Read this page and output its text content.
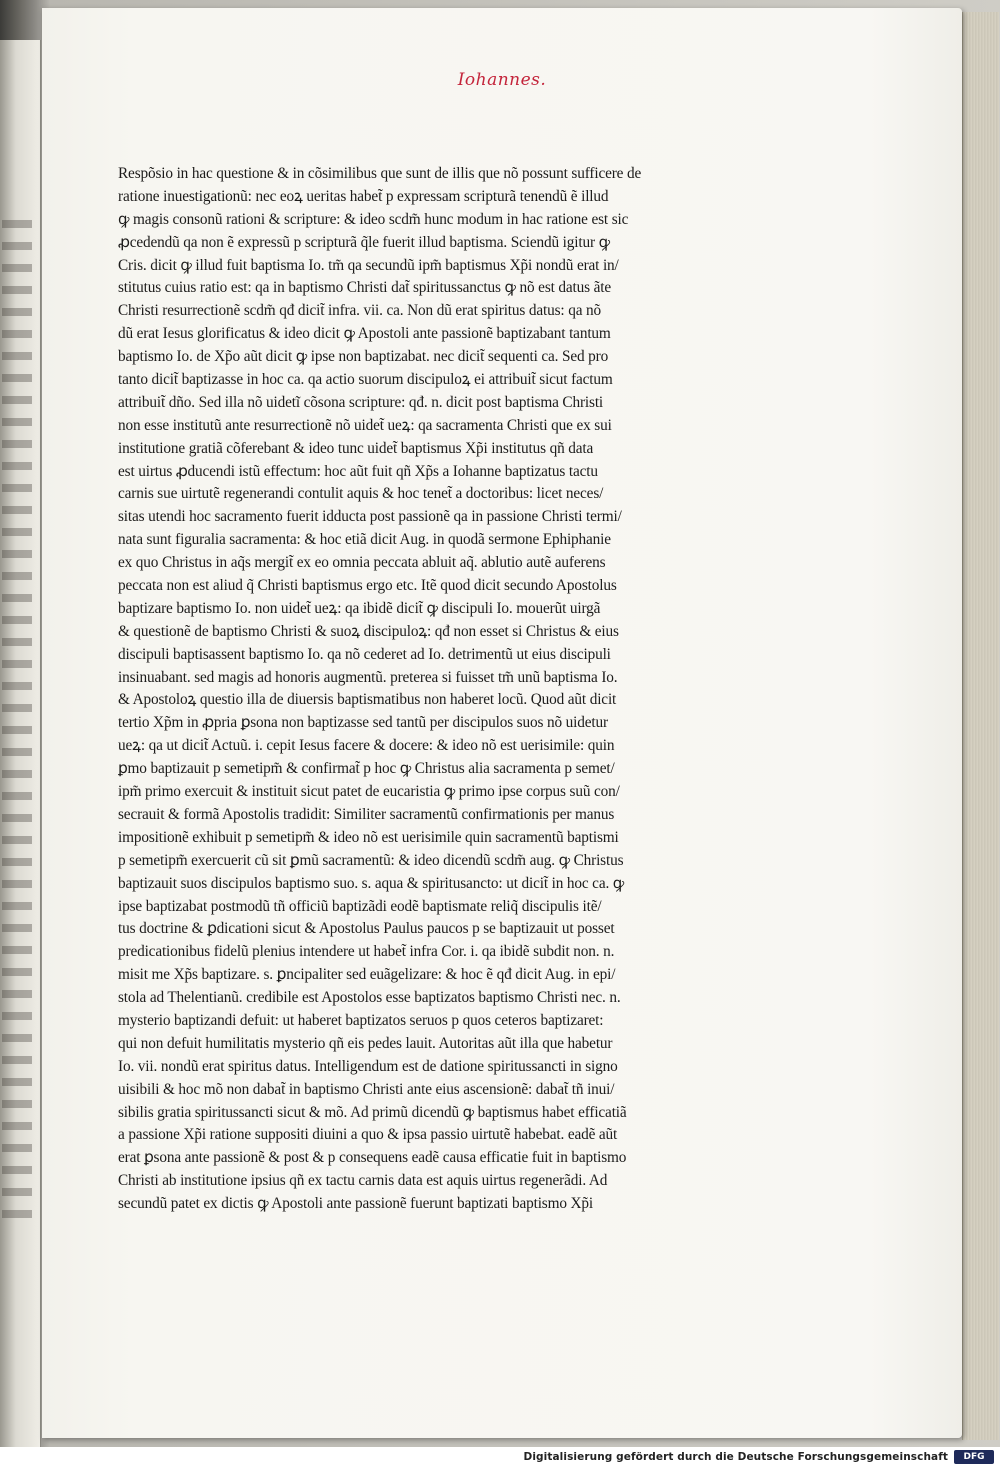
Iohannes.
Respõsio in hac questione & in cõsimilibus que sunt de illis que nõ possunt sufficere de
ratione inuestigationũ: nec eoꝝ ueritas habet̃ p expressam scripturã tenendũ ẽ illud
ꝙ magis consonũ rationi & scripture: & ideo scdm̃ hunc modum in hac ratione est sic
ꝓcedendũ qa non ẽ expressũ p scripturã q̃le fuerit illud baptisma. Sciendũ igitur ꝙ
Cris. dicit ꝙ illud fuit baptisma Io. tm̃ qa secundũ ipm̃ baptismus Xp̃i nondũ erat in/
stitutus cuius ratio est: qa in baptismo Christi dat̃ spiritussanctus ꝙ nõ est datus ãte
Christi resurrectionẽ scdm̃ qđ dicit̃ infra. vii. ca. Non dũ erat spiritus datus: qa nõ
dũ erat Iesus glorificatus & ideo dicit ꝙ Apostoli ante passionẽ baptizabant tantum
baptismo Io. de Xp̃o aũt dicit ꝙ ipse non baptizabat. nec dicit̃ sequenti ca. Sed pro
tanto dicit̃ baptizasse in hoc ca. qa actio suorum discipuloꝝ ei attribuit̃ sicut factum
attribuit̃ dño. Sed illa nõ uidetĩ cõsona scripture: qđ. n. dicit post baptisma Christi
non esse institutũ ante resurrectionẽ nõ uidet̃ ueꝝ: qa sacramenta Christi que ex sui
institutione gratiã cõferebant & ideo tunc uidet̃ baptismus Xp̃i institutus qñ data
est uirtus ꝓducendi istũ effectum: hoc aũt fuit qñ Xp̃s a Iohanne baptizatus tactu
carnis sue uirtutẽ regenerandi contulit aquis & hoc tenet̃ a doctoribus: licet neces/
sitas utendi hoc sacramento fuerit idducta post passionẽ qa in passione Christi termi/
nata sunt figuralia sacramenta: & hoc etiã dicit Aug. in quodã sermone Ephiphanie
ex quo Christus in aq̃s mergit̃ ex eo omnia peccata abluit aq̃. ablutio autẽ auferens
peccata non est aliud q̃ Christi baptismus ergo etc. Itẽ quod dicit secundo Apostolus
baptizare baptismo Io. non uidet̃ ueꝝ: qa ibidẽ dicit̃ ꝙ discipuli Io. mouerũt uirgã
& questionẽ de baptismo Christi & suoꝝ discipuloꝝ: qđ non esset si Christus & eius
discipuli baptisassent baptismo Io. qa nõ cederet ad Io. detrimentũ ut eius discipuli
insinuabant. sed magis ad honoris augmentũ. preterea si fuisset tm̃ unũ baptisma Io.
& Apostoloꝝ questio illa de diuersis baptismatibus non haberet locũ. Quod aũt dicit
tertio Xp̃m in ꝓpria ꝑsona non baptizasse sed tantũ per discipulos suos nõ uidetur
ueꝝ: qa ut dicit̃ Actuũ. i. cepit Iesus facere & docere: & ideo nõ est uerisimile: quin
ꝑmo baptizauit p semetipm̃ & confirmat̃ p hoc ꝙ Christus alia sacramenta p semet/
ipm̃ primo exercuit & instituit sicut patet de eucaristia ꝙ primo ipse corpus suũ con/
secrauit & formã Apostolis tradidit: Similiter sacramentũ confirmationis per manus
impositionẽ exhibuit p semetipm̃ & ideo nõ est uerisimile quin sacramentũ baptismi
p semetipm̃ exercuerit cũ sit ꝑmũ sacramentũ: & ideo dicendũ scdm̃ aug. ꝙ Christus
baptizauit suos discipulos baptismo suo. s. aqua & spiritusancto: ut dicit̃ in hoc ca. ꝙ
ipse baptizabat postmodũ tñ officiũ baptizãdi eodẽ baptismate reliq̃ discipulis itẽ/
tus doctrine & ꝑdicationi sicut & Apostolus Paulus paucos p se baptizauit ut posset
predicationibus fidelũ plenius intendere ut habet̃ infra Cor. i. qa ibidẽ subdit non. n.
misit me Xp̃s baptizare. s. ꝑncipaliter sed euãgelizare: & hoc ẽ qđ dicit Aug. in epi/
stola ad Thelentianũ. credibile est Apostolos esse baptizatos baptismo Christi nec. n.
mysterio baptizandi defuit: ut haberet baptizatos seruos p quos ceteros baptizaret:
qui non defuit humilitatis mysterio qñ eis pedes lauit. Autoritas aũt illa que habetur
Io. vii. nondũ erat spiritus datus. Intelligendum est de datione spiritussancti in signo
uisibili & hoc mõ non dabat̃ in baptismo Christi ante eius ascensionẽ: dabat̃ tñ inui/
sibilis gratia spiritussancti sicut & mõ. Ad primũ dicendũ ꝙ baptismus habet efficatiã
a passione Xp̃i ratione suppositi diuini a quo & ipsa passio uirtutẽ habebat. eadẽ aũt
erat ꝑsona ante passionẽ & post & p consequens eadẽ causa efficatie fuit in baptismo
Christi ab institutione ipsius qñ ex tactu carnis data est aquis uirtus regenerãdi. Ad
secundũ patet ex dictis ꝙ Apostoli ante passionẽ fuerunt baptizati baptismo Xp̃i
Digitalisierung gefördert durch die Deutsche Forschungsgemeinschaft	DFG
